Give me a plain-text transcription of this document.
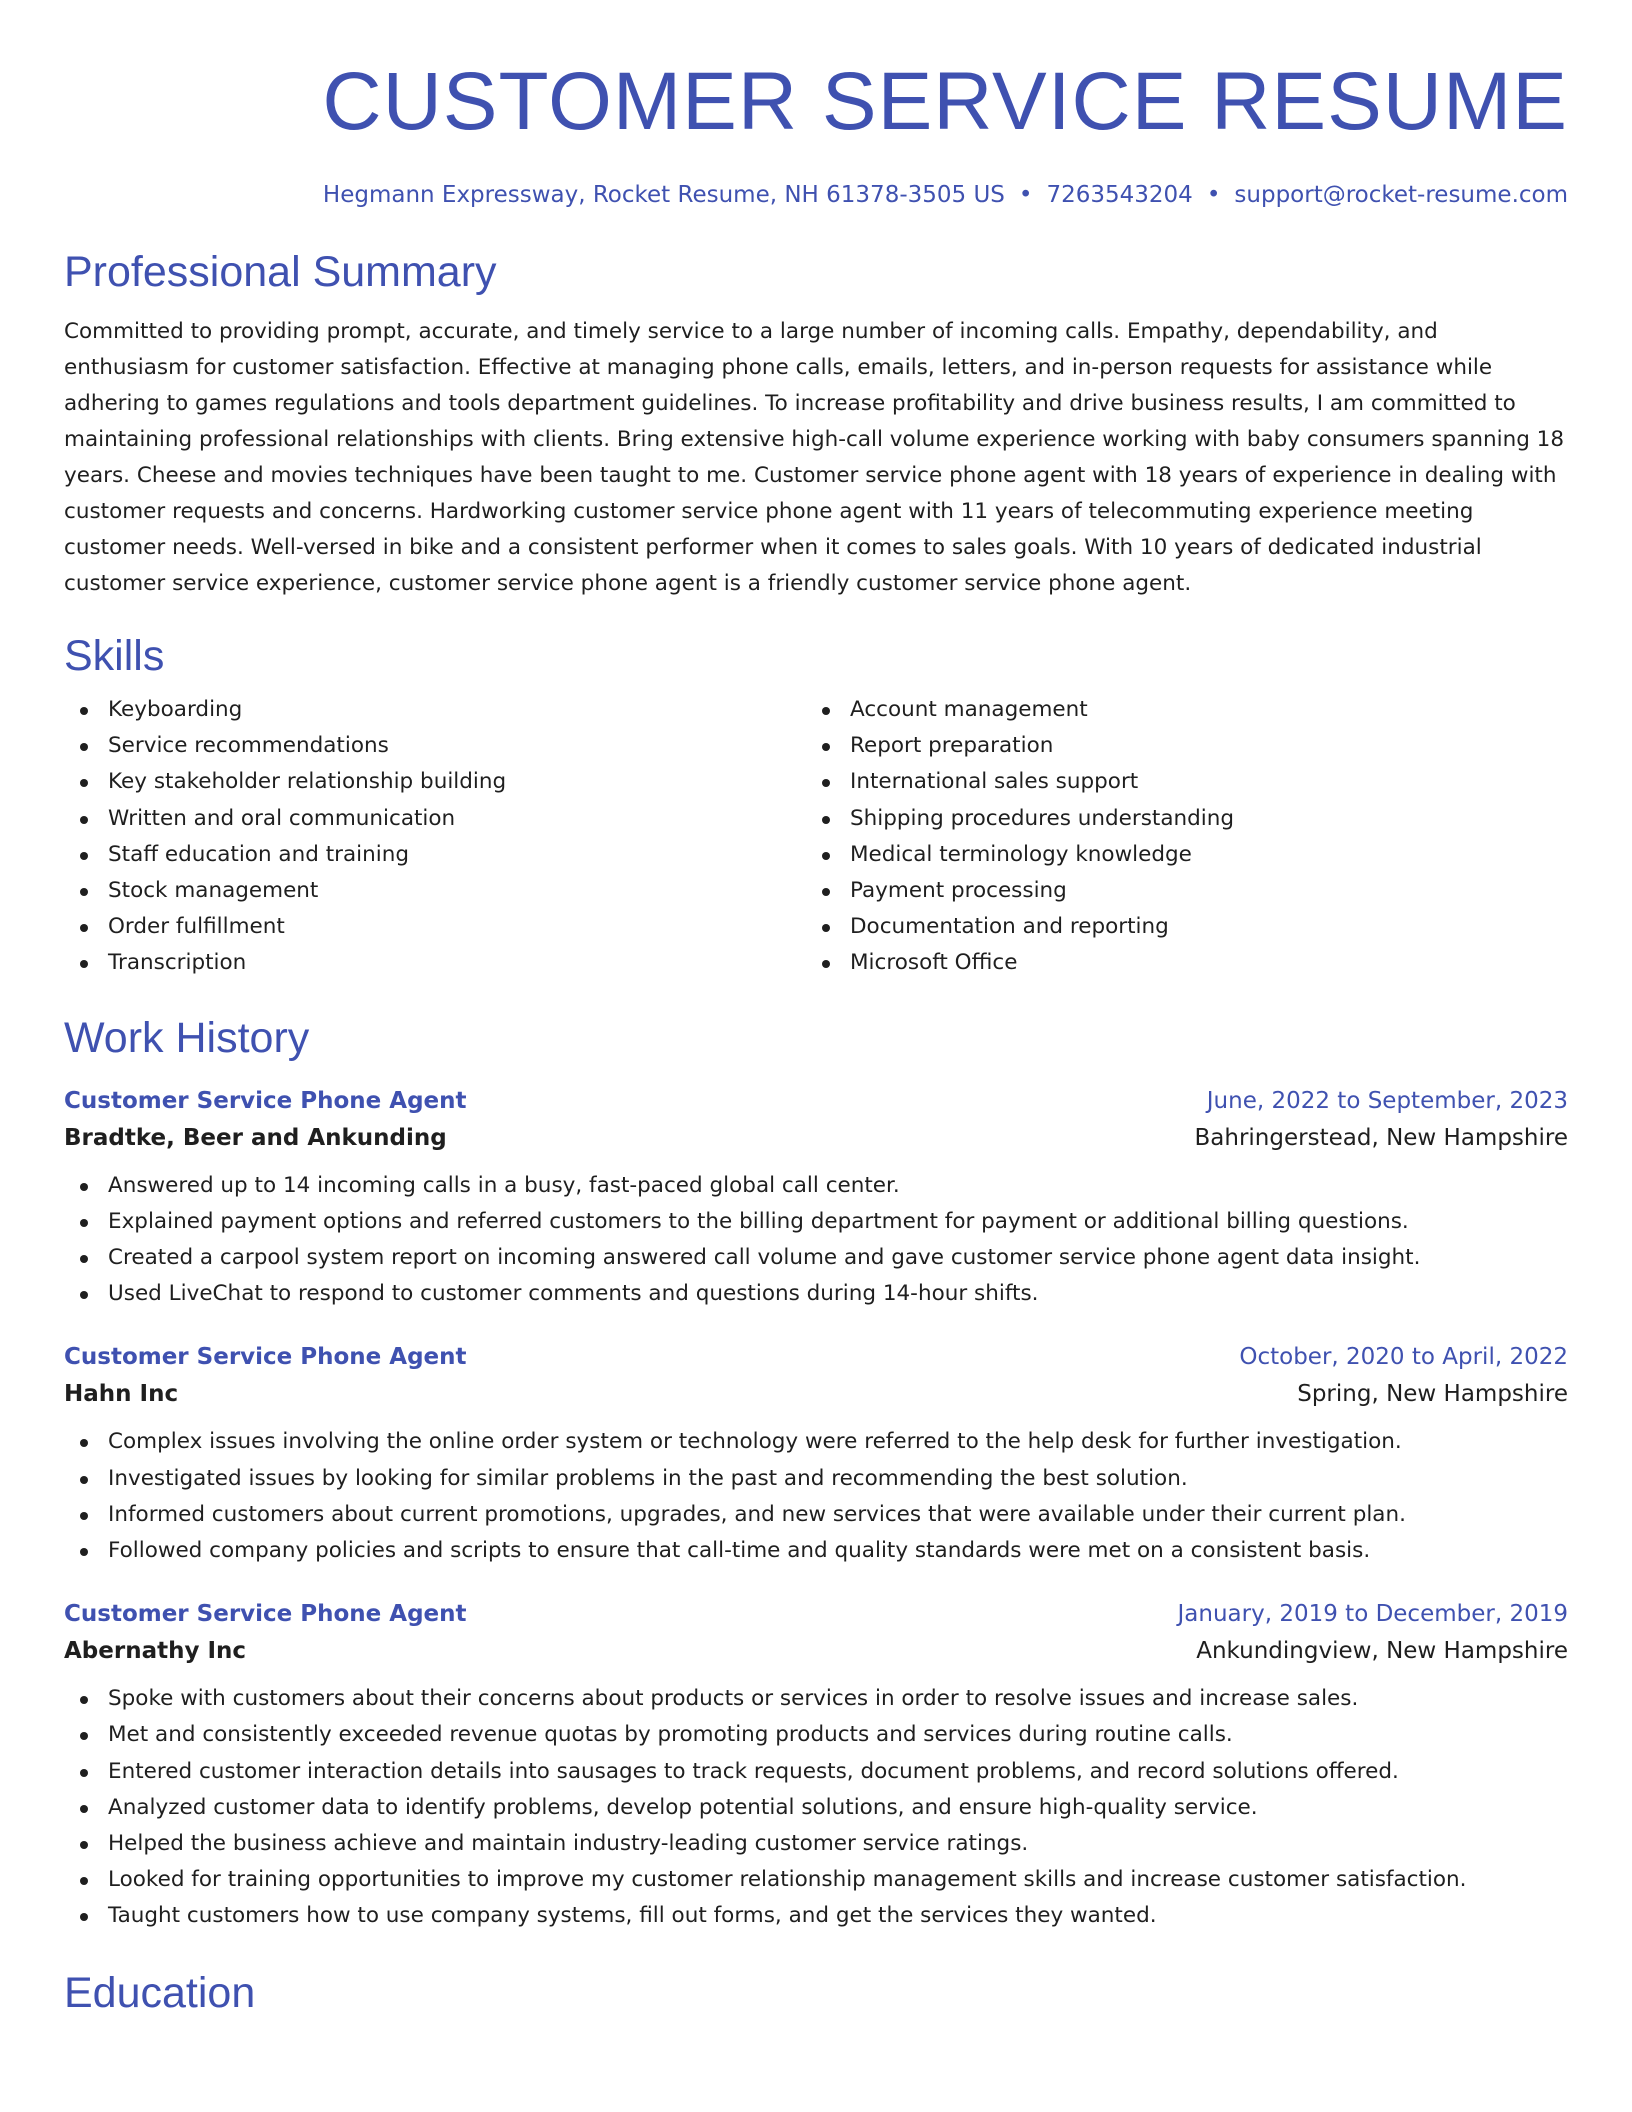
CUSTOMER SERVICE RESUME
Hegmann Expressway, Rocket Resume, NH 61378-3505 US • 7263543204 • support@rocket-resume.com
Professional Summary

Committed to providing prompt, accurate, and timely service to a large number of incoming calls. Empathy, dependability, and enthusiasm for customer satisfaction. Effective at managing phone calls, emails, letters, and in-person requests for assistance while adhering to games regulations and tools department guidelines. To increase profitability and drive business results, I am committed to maintaining professional relationships with clients. Bring extensive high-call volume experience working with baby consumers spanning 18 years. Cheese and movies techniques have been taught to me. Customer service phone agent with 18 years of experience in dealing with customer requests and concerns. Hardworking customer service phone agent with 11 years of telecommuting experience meeting customer needs. Well-versed in bike and a consistent performer when it comes to sales goals. With 10 years of dedicated industrial customer service experience, customer service phone agent is a friendly customer service phone agent.

Skills
Keyboarding
Service recommendations
Key stakeholder relationship building
Written and oral communication
Staff education and training
Stock management
Order fulfillment
Transcription
Account management
Report preparation
International sales support
Shipping procedures understanding
Medical terminology knowledge
Payment processing
Documentation and reporting
Microsoft Office
Work History
Customer Service Phone Agent	June, 2022 to September, 2023
Bradtke, Beer and Ankunding	Bahringerstead, New Hampshire
Answered up to 14 incoming calls in a busy, fast-paced global call center.
Explained payment options and referred customers to the billing department for payment or additional billing questions.
Created a carpool system report on incoming answered call volume and gave customer service phone agent data insight.
Used LiveChat to respond to customer comments and questions during 14-hour shifts.
Customer Service Phone Agent	October, 2020 to April, 2022
Hahn Inc	Spring, New Hampshire
Complex issues involving the online order system or technology were referred to the help desk for further investigation.
Investigated issues by looking for similar problems in the past and recommending the best solution.
Informed customers about current promotions, upgrades, and new services that were available under their current plan.
Followed company policies and scripts to ensure that call-time and quality standards were met on a consistent basis.
Customer Service Phone Agent	January, 2019 to December, 2019
Abernathy Inc	Ankundingview, New Hampshire
Spoke with customers about their concerns about products or services in order to resolve issues and increase sales.
Met and consistently exceeded revenue quotas by promoting products and services during routine calls.
Entered customer interaction details into sausages to track requests, document problems, and record solutions offered.
Analyzed customer data to identify problems, develop potential solutions, and ensure high-quality service.
Helped the business achieve and maintain industry-leading customer service ratings.
Looked for training opportunities to improve my customer relationship management skills and increase customer satisfaction.
Taught customers how to use company systems, fill out forms, and get the services they wanted.
Education
